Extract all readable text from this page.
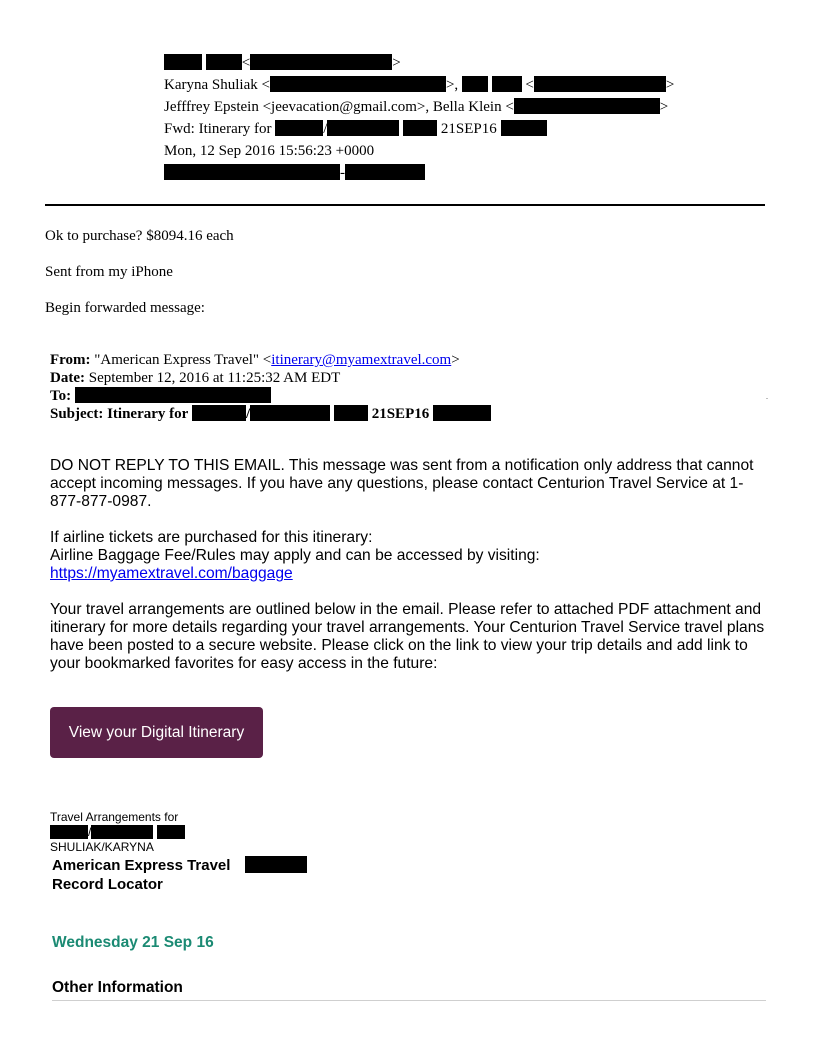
<	>
Karyna Shuliak <	>,	<	>
Jefffrey Epstein <jeevacation@gmail.com>, Bella Klein <	>
Fwd: Itinerary for	/	21SEP16
Mon, 12 Sep 2016 15:56:23 +0000
-
Ok to purchase? $8094.16 each
Sent from my iPhone
Begin forwarded message:
From: "American Express Travel" <itinerary@myamextravel.com>
Date: September 12, 2016 at 11:25:32 AM EDT
To:
Subject: Itinerary for	/	21SEP16
.
DO NOT REPLY TO THIS EMAIL. This message was sent from a notification only address that cannot accept incoming messages. If you have any questions, please contact Centurion Travel Service at 1-877-877-0987.
If airline tickets are purchased for this itinerary:
Airline Baggage Fee/Rules may apply and can be accessed by visiting:
https://myamextravel.com/baggage
Your travel arrangements are outlined below in the email. Please refer to attached PDF attachment and itinerary for more details regarding your travel arrangements. Your Centurion Travel Service travel plans have been posted to a secure website. Please click on the link to view your trip details and add link to your bookmarked favorites for easy access in the future:
View your Digital Itinerary
Travel Arrangements for
/
SHULIAK/KARYNA
American Express Travel
Record Locator
Wednesday 21 Sep 16
Other Information
